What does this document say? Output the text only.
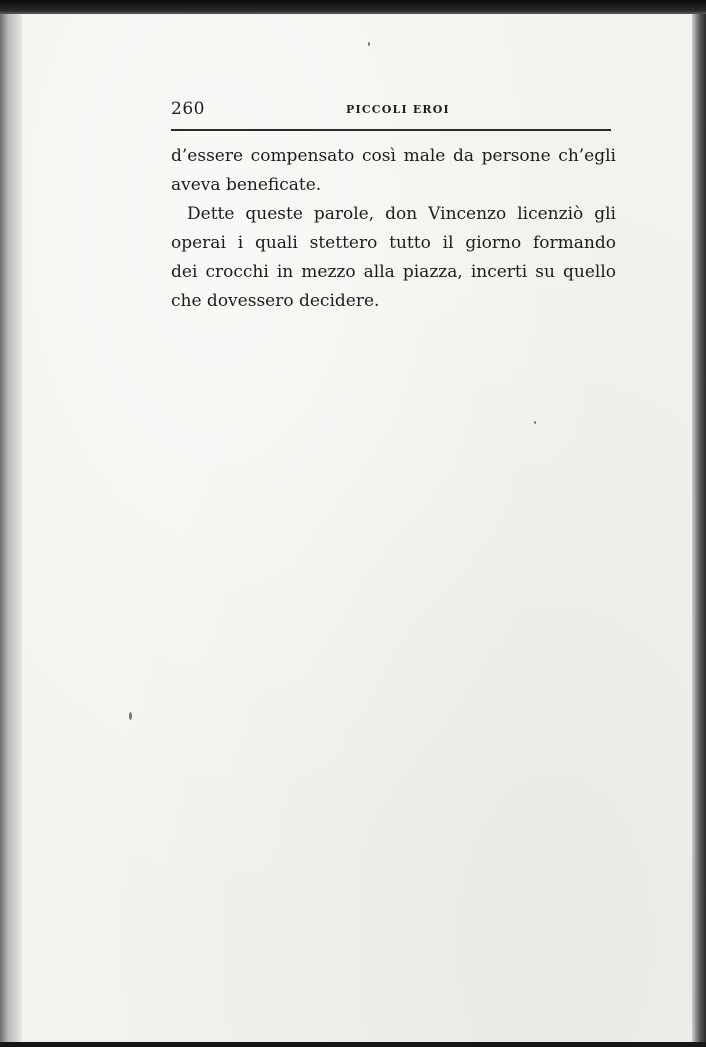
260	PICCOLI EROI
d’essere compensato così male da persone ch’egli
aveva beneficate.
Dette queste parole, don Vincenzo licenziò gli
operai i quali stettero tutto il giorno formando
dei crocchi in mezzo alla piazza, incerti su quello
che dovessero decidere.
